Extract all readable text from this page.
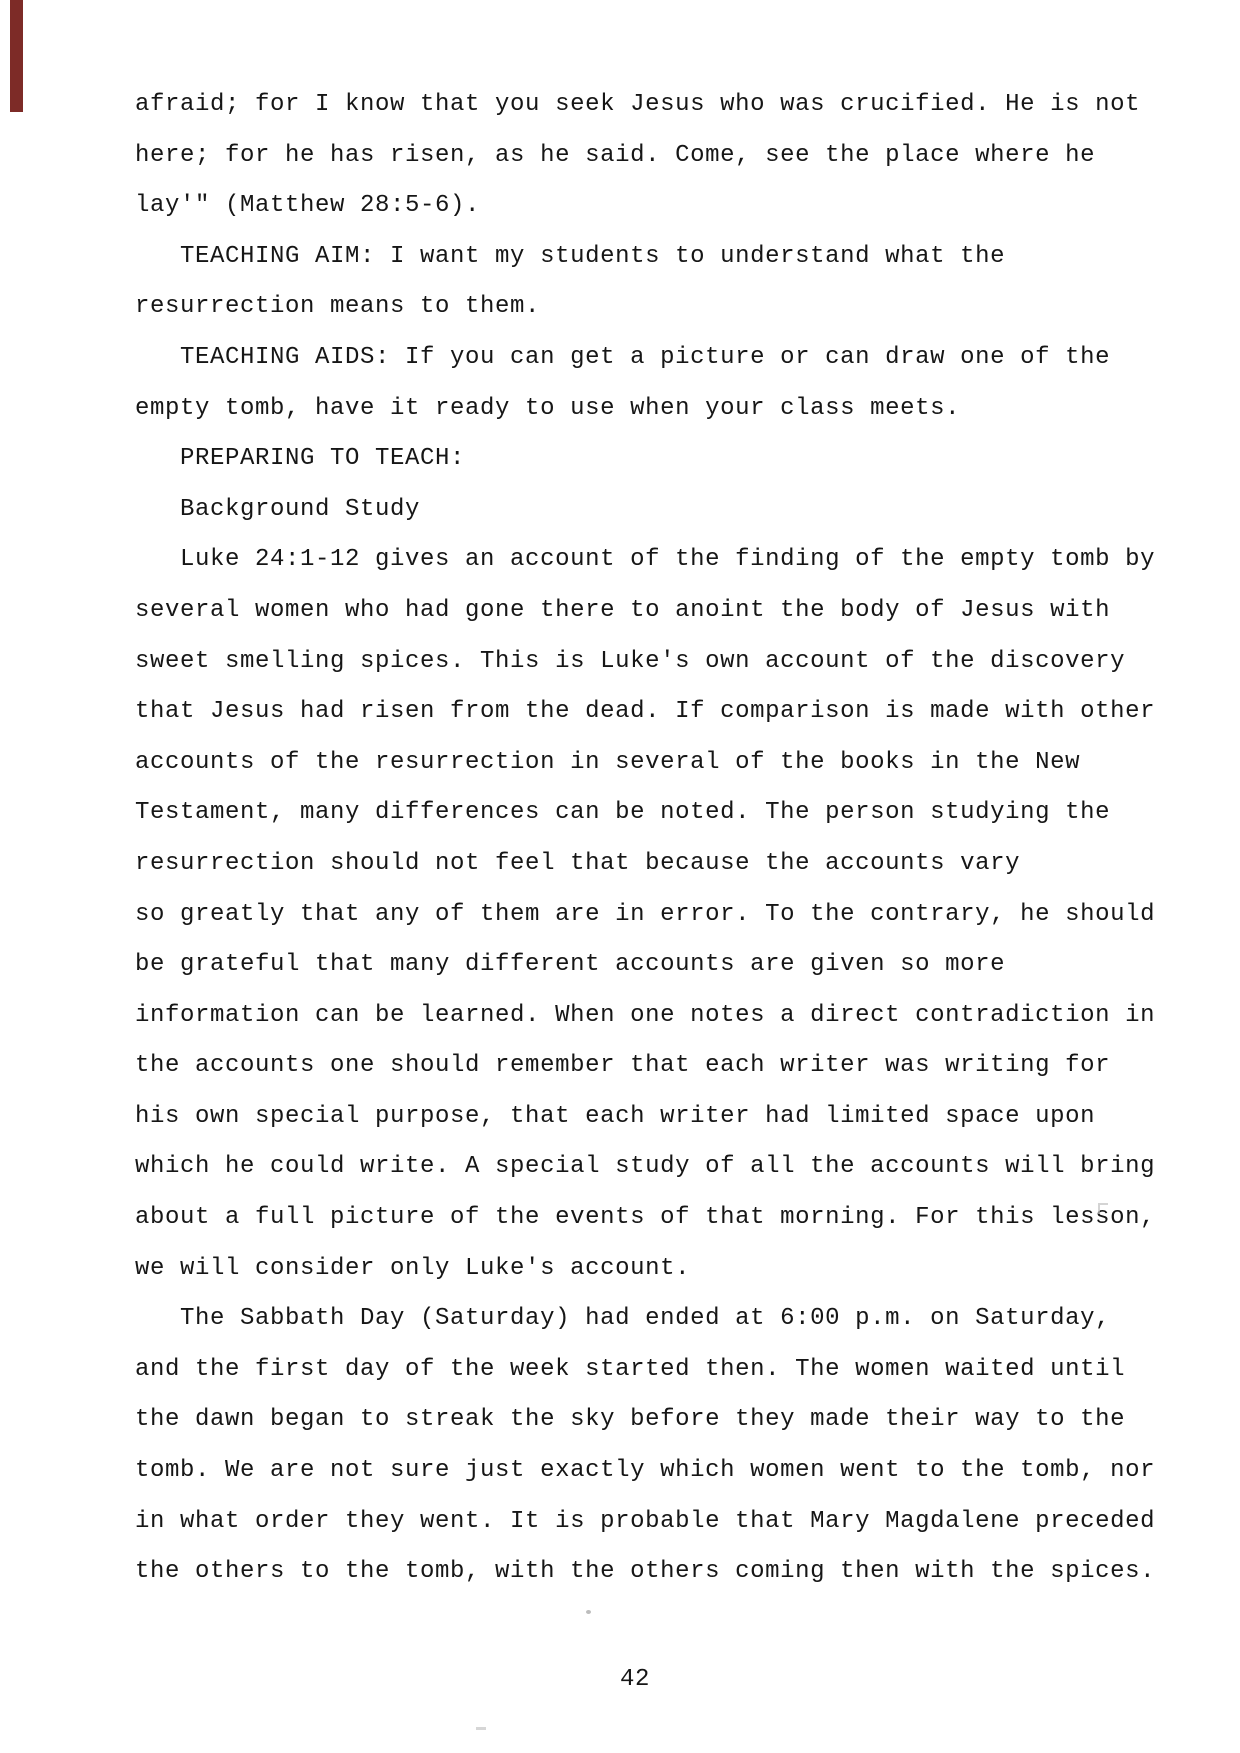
afraid; for I know that you seek Jesus who was crucified. He is not
here; for he has risen, as he said. Come, see the place where he
lay'" (Matthew 28:5-6).
TEACHING AIM: I want my students to understand what the
resurrection means to them.
TEACHING AIDS: If you can get a picture or can draw one of the
empty tomb, have it ready to use when your class meets.
PREPARING TO TEACH:
Background Study
Luke 24:1-12 gives an account of the finding of the empty tomb by
several women who had gone there to anoint the body of Jesus with
sweet smelling spices. This is Luke's own account of the discovery
that Jesus had risen from the dead. If comparison is made with other
accounts of the resurrection in several of the books in the New
Testament, many differences can be noted. The person studying the
resurrection should not feel that because the accounts vary
so greatly that any of them are in error. To the contrary, he should
be grateful that many different accounts are given so more
information can be learned. When one notes a direct contradiction in
the accounts one should remember that each writer was writing for
his own special purpose, that each writer had limited space upon
which he could write. A special study of all the accounts will bring
about a full picture of the events of that morning. For this lesson,
we will consider only Luke's account.
The Sabbath Day (Saturday) had ended at 6:00 p.m. on Saturday,
and the first day of the week started then. The women waited until
the dawn began to streak the sky before they made their way to the
tomb. We are not sure just exactly which women went to the tomb, nor
in what order they went. It is probable that Mary Magdalene preceded
the others to the tomb, with the others coming then with the spices.
42
